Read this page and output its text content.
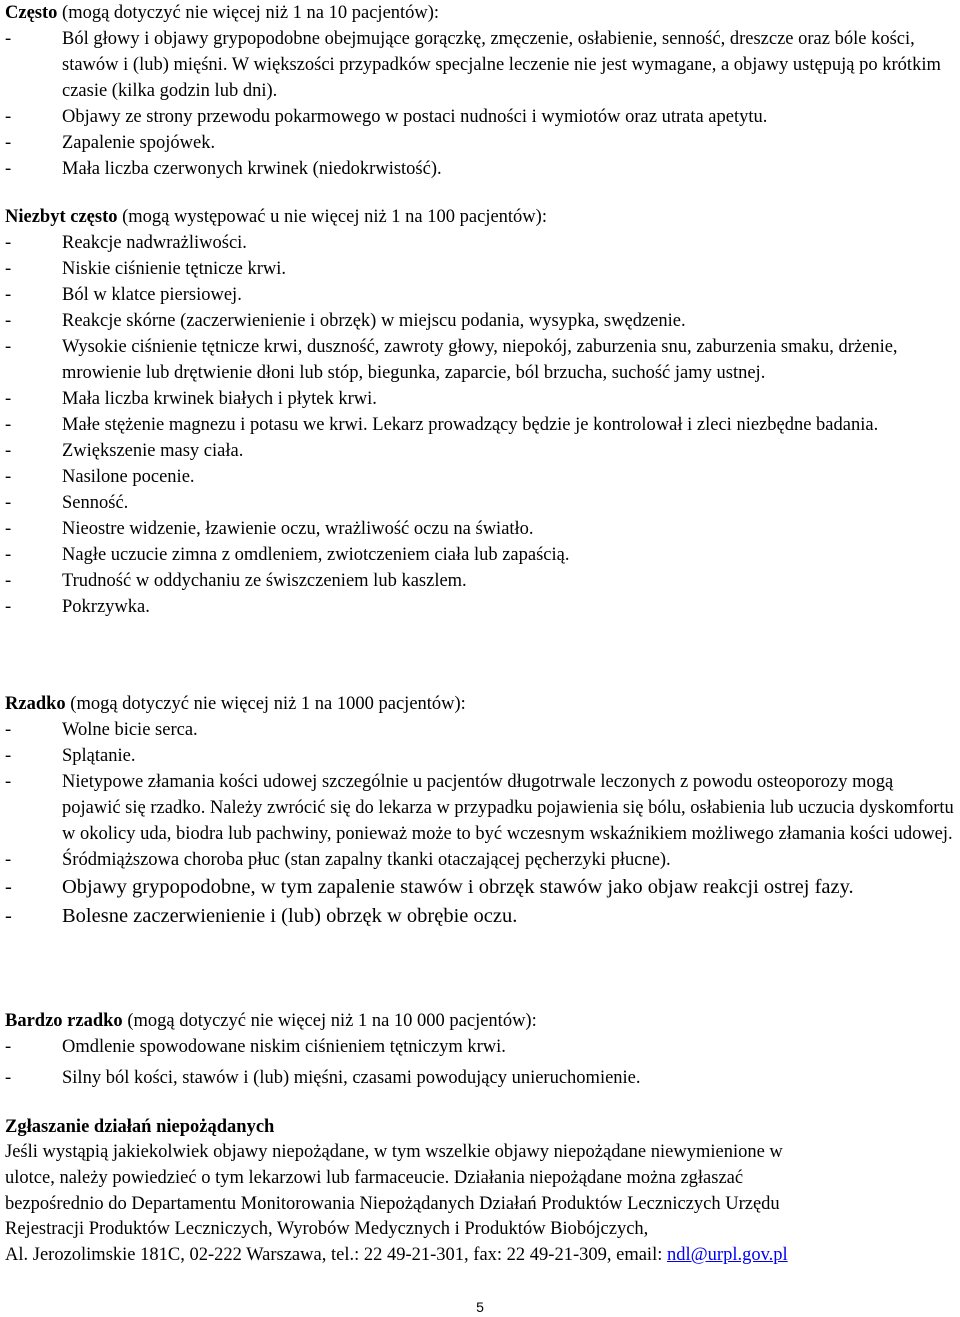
Często (mogą dotyczyć nie więcej niż 1 na 10 pacjentów):

-	Ból głowy i objawy grypopodobne obejmujące gorączkę, zmęczenie, osłabienie, senność, dreszcze oraz bóle kości, stawów i (lub) mięśni. W większości przypadków specjalne leczenie nie jest wymagane, a objawy ustępują po krótkim czasie (kilka godzin lub dni).
-	Objawy ze strony przewodu pokarmowego w postaci nudności i wymiotów oraz utrata apetytu.
-	Zapalenie spojówek.
-	Mała liczba czerwonych krwinek (niedokrwistość).

Niezbyt często (mogą występować u nie więcej niż 1 na 100 pacjentów):

-	Reakcje nadwrażliwości.
-	Niskie ciśnienie tętnicze krwi.
-	Ból w klatce piersiowej.
-	Reakcje skórne (zaczerwienienie i obrzęk) w miejscu podania, wysypka, swędzenie.
-	Wysokie ciśnienie tętnicze krwi, duszność, zawroty głowy, niepokój, zaburzenia snu, zaburzenia smaku, drżenie, mrowienie lub drętwienie dłoni lub stóp, biegunka, zaparcie, ból brzucha, suchość jamy ustnej.
-	Mała liczba krwinek białych i płytek krwi.
-	Małe stężenie magnezu i potasu we krwi. Lekarz prowadzący będzie je kontrolował i zleci niezbędne badania.
-	Zwiększenie masy ciała.
-	Nasilone pocenie.
-	Senność.
-	Nieostre widzenie, łzawienie oczu, wrażliwość oczu na światło.
-	Nagłe uczucie zimna z omdleniem, zwiotczeniem ciała lub zapaścią.
-	Trudność w oddychaniu ze świszczeniem lub kaszlem.
-	Pokrzywka.

Rzadko (mogą dotyczyć nie więcej niż 1 na 1000 pacjentów):

-	Wolne bicie serca.
-	Splątanie.
-	Nietypowe złamania kości udowej szczególnie u pacjentów długotrwale leczonych z powodu osteoporozy mogą pojawić się rzadko. Należy zwrócić się do lekarza w przypadku pojawienia się bólu, osłabienia lub uczucia dyskomfortu w okolicy uda, biodra lub pachwiny, ponieważ może to być wczesnym wskaźnikiem możliwego złamania kości udowej.
-	Śródmiąższowa choroba płuc (stan zapalny tkanki otaczającej pęcherzyki płucne).
- Objawy grypopodobne, w tym zapalenie stawów i obrzęk stawów jako objaw reakcji ostrej fazy.
- Bolesne zaczerwienienie i (lub) obrzęk w obrębie oczu.

Bardzo rzadko (mogą dotyczyć nie więcej niż 1 na 10 000 pacjentów):

-	Omdlenie spowodowane niskim ciśnieniem tętniczym krwi.
-	Silny ból kości, stawów i (lub) mięśni, czasami powodujący unieruchomienie.
Zgłaszanie działań niepożądanych
Jeśli wystąpią jakiekolwiek objawy niepożądane, w tym wszelkie objawy niepożądane niewymienione w
ulotce, należy powiedzieć o tym lekarzowi lub farmaceucie. Działania niepożądane można zgłaszać
bezpośrednio do Departamentu Monitorowania Niepożądanych Działań Produktów Leczniczych Urzędu
Rejestracji Produktów Leczniczych, Wyrobów Medycznych i Produktów Biobójczych,
Al. Jerozolimskie 181C, 02-222 Warszawa, tel.: 22 49-21-301, fax: 22 49-21-309, email: ndl@urpl.gov.pl
5
